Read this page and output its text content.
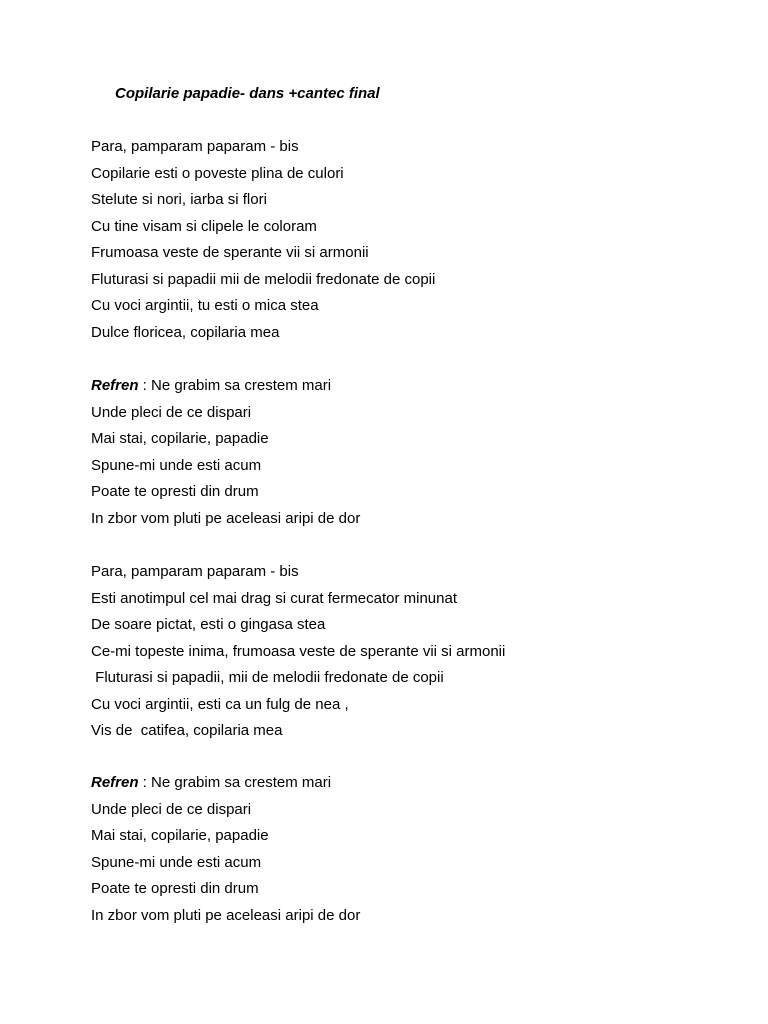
Copilarie papadie- dans +cantec final
Para, pamparam paparam - bis
Copilarie esti o poveste plina de culori
Stelute si nori, iarba si flori
Cu tine visam si clipele le coloram
Frumoasa veste de sperante vii si armonii
Fluturasi si papadii mii de melodii fredonate de copii
Cu voci argintii, tu esti o mica stea
Dulce floricea, copilaria mea
Refren : Ne grabim sa crestem mari
Unde pleci de ce dispari
Mai stai, copilarie, papadie
Spune-mi unde esti acum
Poate te opresti din drum
In zbor vom pluti pe aceleasi aripi de dor
Para, pamparam paparam - bis
Esti anotimpul cel mai drag si curat fermecator minunat
De soare pictat, esti o gingasa stea
Ce-mi topeste inima, frumoasa veste de sperante vii si armonii
Fluturasi si papadii, mii de melodii fredonate de copii
Cu voci argintii, esti ca un fulg de nea ,
Vis de  catifea, copilaria mea
Refren : Ne grabim sa crestem mari
Unde pleci de ce dispari
Mai stai, copilarie, papadie
Spune-mi unde esti acum
Poate te opresti din drum
In zbor vom pluti pe aceleasi aripi de dor
